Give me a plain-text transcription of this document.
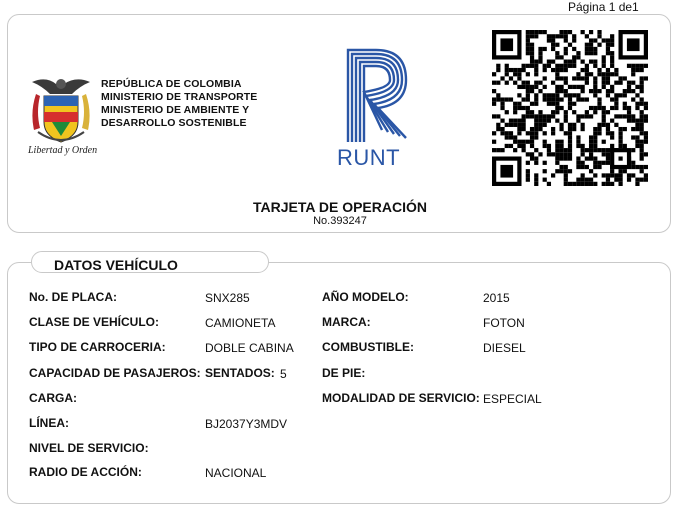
Página 1 de1
Libertad y Orden
REPÚBLICA DE COLOMBIA
MINISTERIO DE TRANSPORTE
MINISTERIO DE AMBIENTE Y
DESARROLLO SOSTENIBLE
RUNT
TARJETA DE OPERACIÓN
No.393247
DATOS VEHÍCULO
No. DE PLACA:	SNX285
CLASE DE VEHÍCULO:	CAMIONETA
TIPO DE CARROCERIA:	DOBLE CABINA
CAPACIDAD DE PASAJEROS: SENTADOS: 5
CARGA:
LÍNEA:	BJ2037Y3MDV
NIVEL DE SERVICIO:
RADIO DE ACCIÓN:	NACIONAL
AÑO MODELO:	2015
MARCA:	FOTON
COMBUSTIBLE:	DIESEL
DE PIE:
MODALIDAD DE SERVICIO: ESPECIAL
